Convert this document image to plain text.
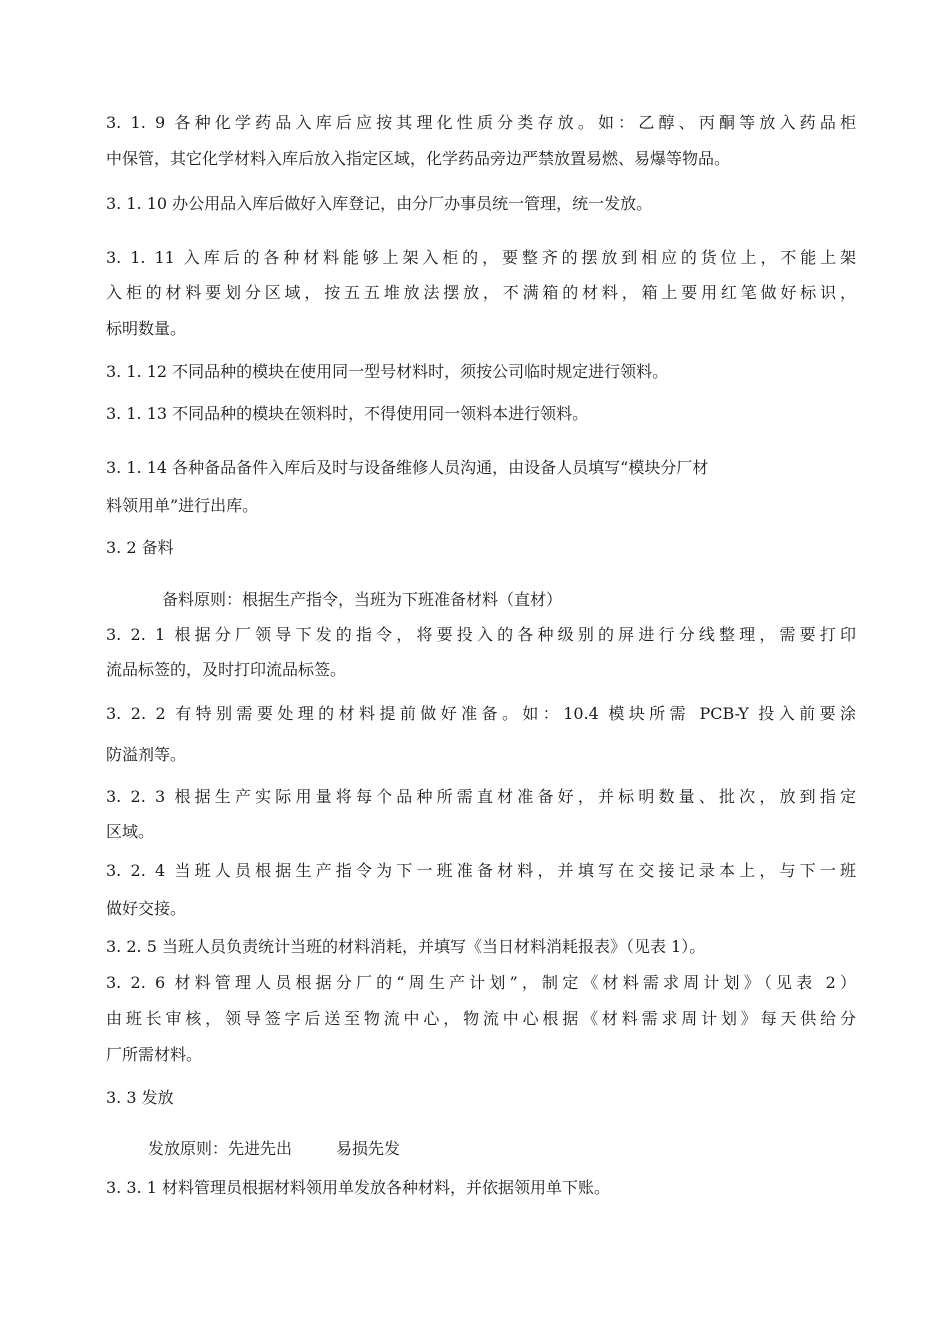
3. 1. 9 各种化学药品入库后应按其理化性质分类存放。如：乙醇、丙酮等放入药品柜
中保管，其它化学材料入库后放入指定区域，化学药品旁边严禁放置易燃、易爆等物品。
3. 1. 10 办公用品入库后做好入库登记，由分厂办事员统一管理，统一发放。
3. 1. 11 入库后的各种材料能够上架入柜的，要整齐的摆放到相应的货位上，不能上架
入柜的材料要划分区域，按五五堆放法摆放，不满箱的材料，箱上要用红笔做好标识，
标明数量。
3. 1. 12 不同品种的模块在使用同一型号材料时，须按公司临时规定进行领料。
3. 1. 13 不同品种的模块在领料时，不得使用同一领料本进行领料。
3. 1. 14 各种备品备件入库后及时与设备维修人员沟通，由设备人员填写“模块分厂材
料领用单”进行出库。
3. 2 备料
备料原则：根据生产指令，当班为下班准备材料（直材）
3. 2. 1 根据分厂领导下发的指令，将要投入的各种级别的屏进行分线整理，需要打印
流品标签的，及时打印流品标签。
3. 2. 2 有特别需要处理的材料提前做好准备。如：10.4 模块所需 PCB-Y 投入前要涂
防溢剂等。
3. 2. 3 根据生产实际用量将每个品种所需直材准备好，并标明数量、批次，放到指定
区域。
3. 2. 4 当班人员根据生产指令为下一班准备材料，并填写在交接记录本上，与下一班
做好交接。
3. 2. 5 当班人员负责统计当班的材料消耗，并填写《当日材料消耗报表》（见表 1）。
3. 2. 6 材料管理人员根据分厂的“周生产计划”，制定《材料需求周计划》（见表 2）
由班长审核，领导签字后送至物流中心，物流中心根据《材料需求周计划》每天供给分
厂所需材料。
3. 3 发放
发放原则：先进先出	易损先发
3. 3. 1 材料管理员根据材料领用单发放各种材料，并依据领用单下账。
